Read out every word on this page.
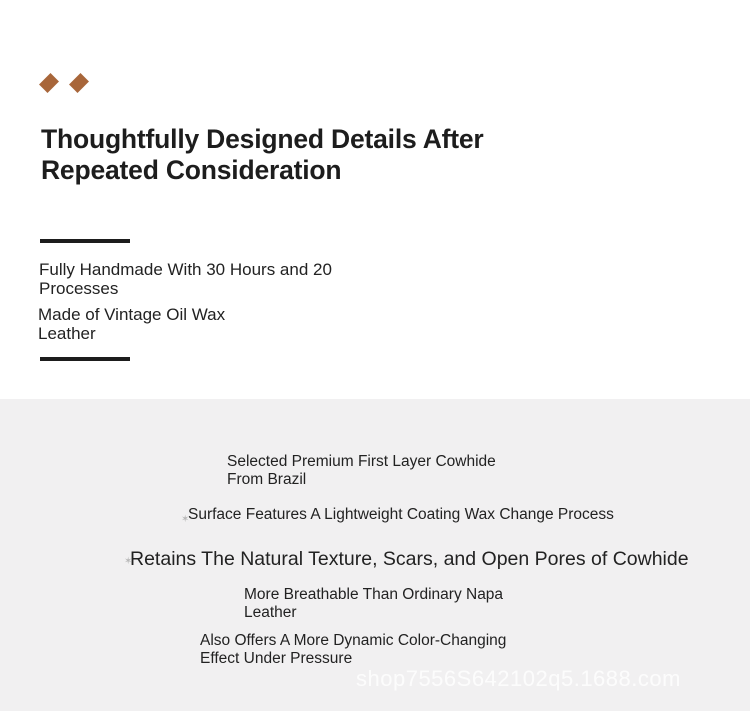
Thoughtfully Designed Details After Repeated Consideration
Fully Handmade With 30 Hours and 20 Processes
Made of Vintage Oil Wax Leather
Selected Premium First Layer Cowhide From Brazil
✶
Surface Features A Lightweight Coating Wax Change Process
✶
Retains The Natural Texture, Scars, and Open Pores of Cowhide
More Breathable Than Ordinary Napa Leather
Also Offers A More Dynamic Color-Changing Effect Under Pressure
shop7556S642102q5.1688.com
